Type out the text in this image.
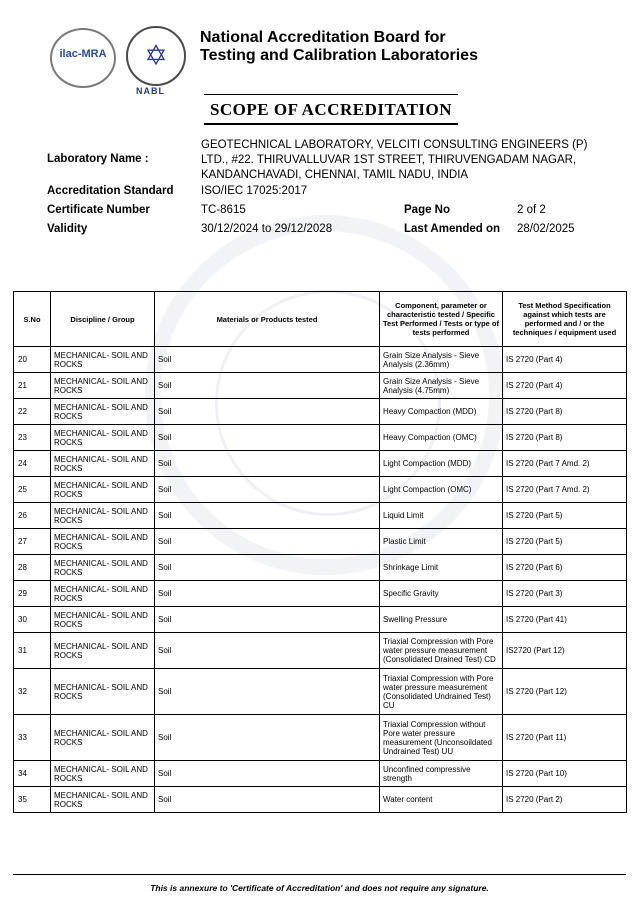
ilac-MRA	✡
NABL
National Accreditation Board for
Testing and Calibration Laboratories
SCOPE OF ACCREDITATION
Laboratory Name :
GEOTECHNICAL LABORATORY, VELCITI CONSULTING ENGINEERS (P)
LTD., #22. THIRUVALLUVAR 1ST STREET, THIRUVENGADAM NAGAR,
KANDANCHAVADI, CHENNAI, TAMIL NADU, INDIA
Accreditation Standard ISO/IEC 17025:2017
Certificate Number	TC-8615	Page No	2 of 2
Validity	30/12/2024 to 29/12/2028	Last Amended on 28/02/2025
S.No	Discipline / Group	Materials or Products tested	Component, parameter or characteristic tested / Specific Test Performed / Tests or type of tests performed	Test Method Specification against which tests are performed and / or the techniques / equipment used
20	MECHANICAL- SOIL AND ROCKS	Soil	Grain Size Analysis - Sieve Analysis (2.36mm)	IS 2720 (Part 4)
21	MECHANICAL- SOIL AND ROCKS	Soil	Grain Size Analysis - Sieve Analysis (4.75mm)	IS 2720 (Part 4)
22	MECHANICAL- SOIL AND ROCKS	Soil	Heavy Compaction (MDD)	IS 2720 (Part 8)
23	MECHANICAL- SOIL AND ROCKS	Soil	Heavy Compaction (OMC)	IS 2720 (Part 8)
24	MECHANICAL- SOIL AND ROCKS	Soil	Light Compaction (MDD)	IS 2720 (Part 7 Amd. 2)
25	MECHANICAL- SOIL AND ROCKS	Soil	Light Compaction (OMC)	IS 2720 (Part 7 Amd. 2)
26	MECHANICAL- SOIL AND ROCKS	Soil	Liquid Limit	IS 2720 (Part 5)
27	MECHANICAL- SOIL AND ROCKS	Soil	Plastic Limit	IS 2720 (Part 5)
28	MECHANICAL- SOIL AND ROCKS	Soil	Shrinkage Limit	IS 2720 (Part 6)
29	MECHANICAL- SOIL AND ROCKS	Soil	Specific Gravity	IS 2720 (Part 3)
30	MECHANICAL- SOIL AND ROCKS	Soil	Swelling Pressure	IS 2720 (Part 41)
31	MECHANICAL- SOIL AND ROCKS	Soil	Triaxial Compression with Pore water pressure measurement (Consolidated Drained Test) CD	IS2720 (Part 12)
32	MECHANICAL- SOIL AND ROCKS	Soil	Triaxial Compression with Pore water pressure measurement (Consolidated Undrained Test) CU	IS 2720 (Part 12)
33	MECHANICAL- SOIL AND ROCKS	Soil	Triaxial Compression without Pore water pressure measurement (Unconsoildated Undrained Test) UU	IS 2720 (Part 11)
34	MECHANICAL- SOIL AND ROCKS	Soil	Unconfined compressive strength	IS 2720 (Part 10)
35	MECHANICAL- SOIL AND ROCKS	Soil	Water content	IS 2720 (Part 2)
This is annexure to 'Certificate of Accreditation' and does not require any signature.
